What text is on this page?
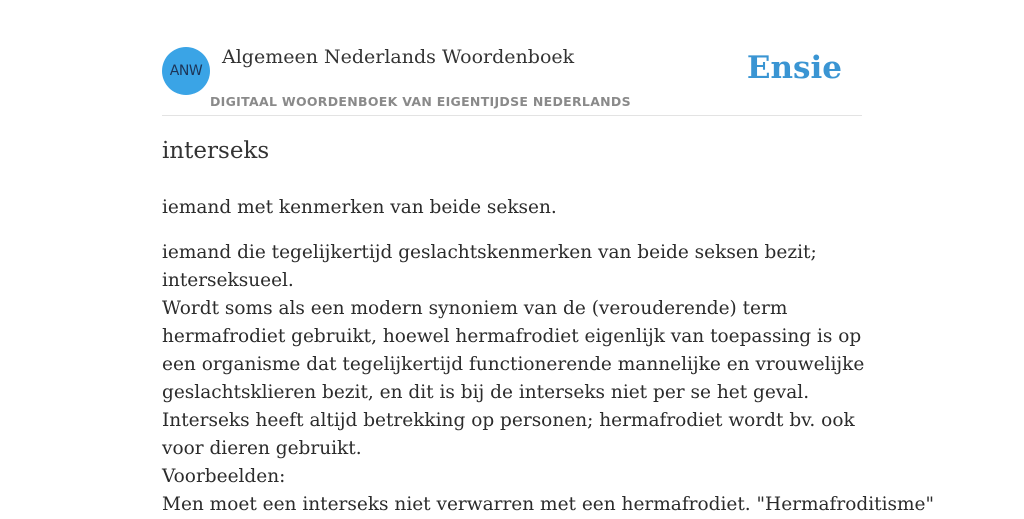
ANW
Algemeen Nederlands Woordenboek
DIGITAAL WOORDENBOEK VAN EIGENTIJDSE NEDERLANDS
Ensie
interseks
iemand met kenmerken van beide seksen.

iemand die tegelijkertijd geslachtskenmerken van beide seksen bezit; interseksueel.

Wordt soms als een modern synoniem van de (verouderende) term hermafrodiet gebruikt, hoewel hermafrodiet eigenlijk van toepassing is op een organisme dat tegelijkertijd functionerende mannelijke en vrouwelijke geslachtsklieren bezit, en dit is bij de interseks niet per se het geval. Interseks heeft altijd betrekking op personen; hermafrodiet wordt bv. ook voor dieren gebruikt.

Voorbeelden:

Men moet een interseks niet verwarren met een hermafrodiet. "Hermafroditisme"
